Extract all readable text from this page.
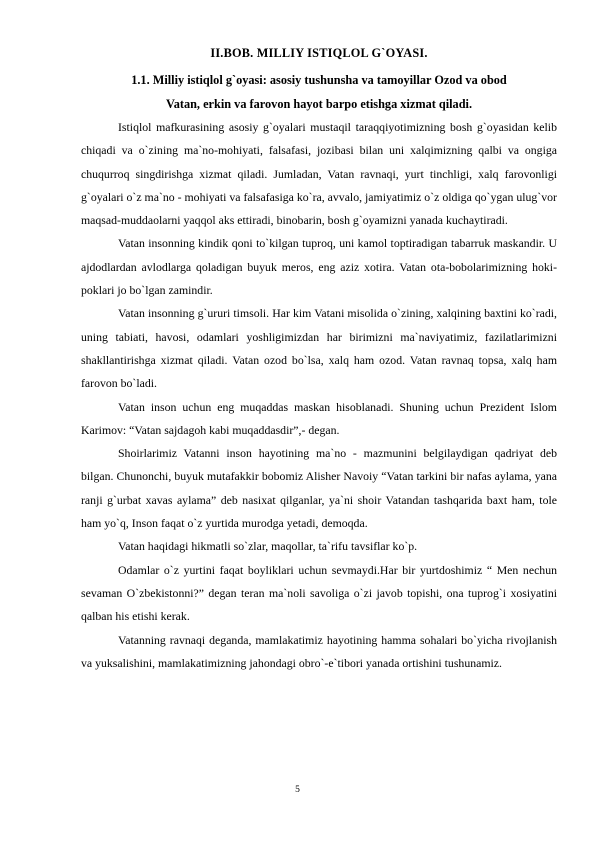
II.BOB. MILLIY ISTIQLOL G`OYASI.
1.1. Milliy istiqlol g`oyasi: asosiy tushunsha va tamoyillar Ozod va obod
Vatan, erkin va farovon hayot barpo etishga xizmat qiladi.

Istiqlol mafkurasining asosiy g`oyalari mustaqil taraqqiyotimizning bosh g`oyasidan kelib chiqadi va o`zining ma`no-mohiyati, falsafasi, jozibasi bilan uni xalqimizning qalbi va ongiga chuqurroq singdirishga xizmat qiladi. Jumladan, Vatan ravnaqi, yurt tinchligi, xalq farovonligi g`oyalari o`z ma`no - mohiyati va falsafasiga ko`ra, avvalo, jamiyatimiz o`z oldiga qo`ygan ulug`vor maqsad-muddaolarni yaqqol aks ettiradi, binobarin, bosh g`oyamizni yanada kuchaytiradi.

Vatan insonning kindik qoni to`kilgan tuproq, uni kamol toptiradigan tabarruk maskandir. U ajdodlardan avlodlarga qoladigan buyuk meros, eng aziz xotira. Vatan ota-bobolarimizning hoki-poklari jo bo`lgan zamindir.

Vatan insonning g`ururi timsoli. Har kim Vatani misolida o`zining, xalqining baxtini ko`radi, uning tabiati, havosi, odamlari yoshligimizdan har birimizni ma`naviyatimiz, fazilatlarimizni shakllantirishga xizmat qiladi. Vatan ozod bo`lsa, xalq ham ozod. Vatan ravnaq topsa, xalq ham farovon bo`ladi.

Vatan inson uchun eng muqaddas maskan hisoblanadi. Shuning uchun Prezident Islom Karimov: “Vatan sajdagoh kabi muqaddasdir”,- degan.

Shoirlarimiz Vatanni inson hayotining ma`no - mazmunini belgilaydigan qadriyat deb bilgan. Chunonchi, buyuk mutafakkir bobomiz Alisher Navoiy “Vatan tarkini bir nafas aylama, yana ranji g`urbat xavas aylama” deb nasixat qilganlar, ya`ni shoir Vatandan tashqarida baxt ham, tole ham yo`q, Inson faqat o`z yurtida murodga yetadi, demoqda.

Vatan haqidagi hikmatli so`zlar, maqollar, ta`rifu tavsiflar ko`p.

Odamlar o`z yurtini faqat boyliklari uchun sevmaydi.Har bir yurtdoshimiz “ Men nechun sevaman O`zbekistonni?” degan teran ma`noli savoliga o`zi javob topishi, ona tuprog`i xosiyatini qalban his etishi kerak.

Vatanning ravnaqi deganda, mamlakatimiz hayotining hamma sohalari bo`yicha rivojlanish va yuksalishini, mamlakatimizning jahondagi obro`-e`tibori yanada ortishini tushunamiz.

5
